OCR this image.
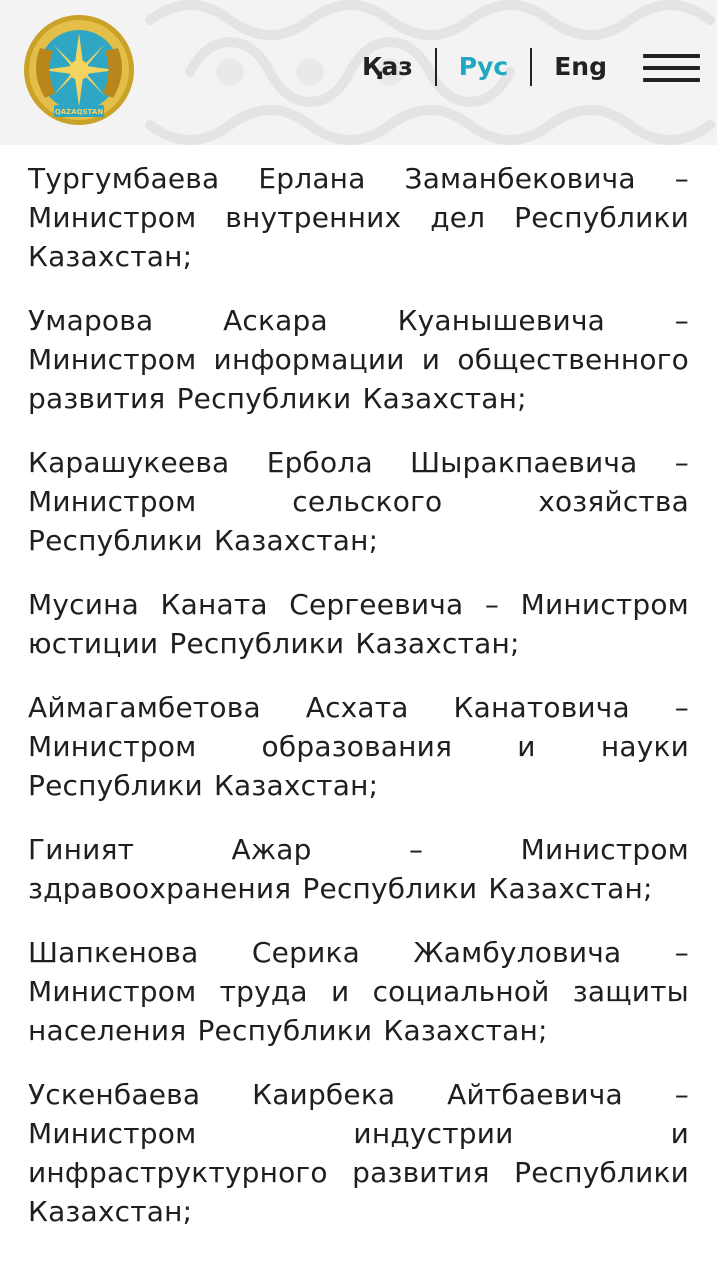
QAZAQSTAN
Қаз	Рус	Eng

Тургумбаева Ерлана Заманбековича – Министром внутренних дел Республики Казахстан;

Умарова Аскара Куанышевича – Министром информации и общественного развития Республики Казахстан;

Карашукеева Ербола Шыракпаевича – Министром сельского хозяйства Республики Казахстан;

Мусина Каната Сергеевича – Министром юстиции Республики Казахстан;

Аймагамбетова Асхата Канатовича – Министром образования и науки Республики Казахстан;

Гиният Ажар – Министром здравоохранения Республики Казахстан;

Шапкенова Серика Жамбуловича – Министром труда и социальной защиты населения Республики Казахстан;

Ускенбаева Каирбека Айтбаевича – Министром индустрии и инфраструктурного развития Республики Казахстан;
